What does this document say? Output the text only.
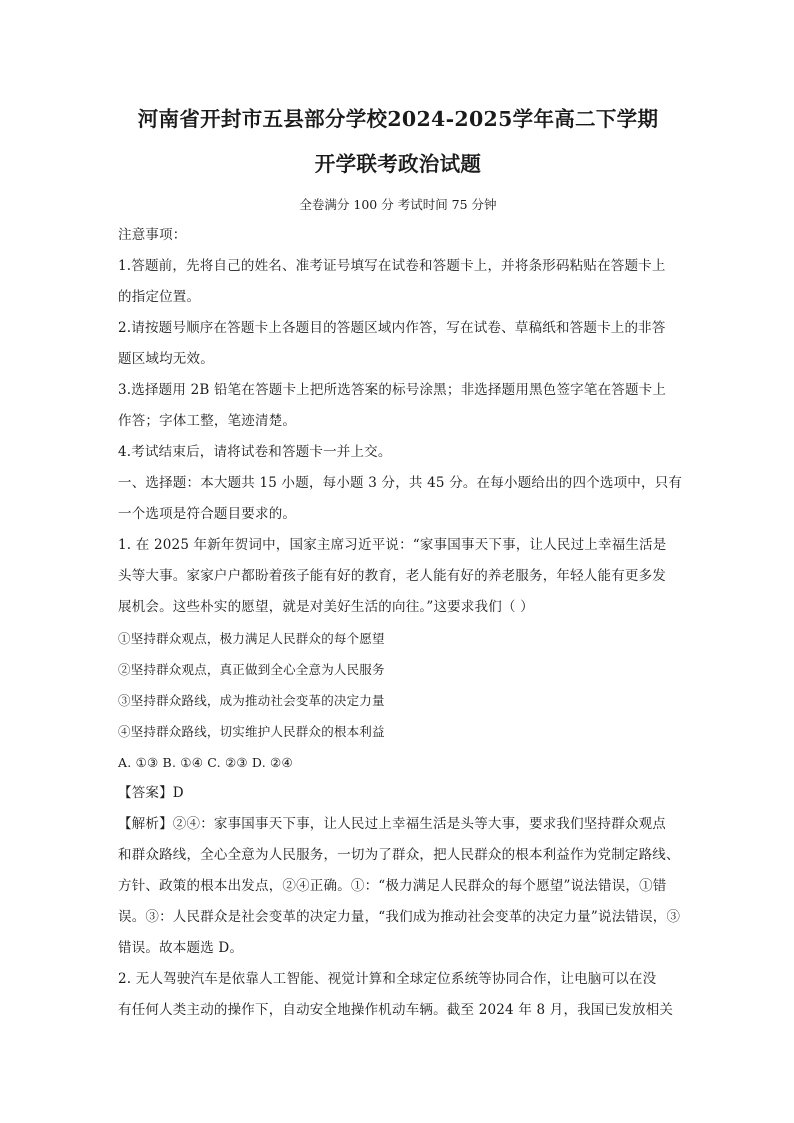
河南省开封市五县部分学校2024-2025学年高二下学期
开学联考政治试题
全卷满分 100 分 考试时间 75 分钟
注意事项：
1.答题前，先将自己的姓名、准考证号填写在试卷和答题卡上，并将条形码粘贴在答题卡上
的指定位置。
2.请按题号顺序在答题卡上各题目的答题区域内作答，写在试卷、草稿纸和答题卡上的非答
题区域均无效。
3.选择题用 2B 铅笔在答题卡上把所选答案的标号涂黑；非选择题用黑色签字笔在答题卡上
作答；字体工整，笔迹清楚。
4.考试结束后，请将试卷和答题卡一并上交。
一、选择题：本大题共 15 小题，每小题 3 分，共 45 分。在每小题给出的四个选项中，只有
一个选项是符合题目要求的。
1. 在 2025 年新年贺词中，国家主席习近平说：“家事国事天下事，让人民过上幸福生活是
头等大事。家家户户都盼着孩子能有好的教育，老人能有好的养老服务，年轻人能有更多发
展机会。这些朴实的愿望，就是对美好生活的向往。”这要求我们（ ）
①坚持群众观点，极力满足人民群众的每个愿望
②坚持群众观点，真正做到全心全意为人民服务
③坚持群众路线，成为推动社会变革的决定力量
④坚持群众路线，切实维护人民群众的根本利益
A. ①③ B. ①④ C. ②③ D. ②④
【答案】D
【解析】②④：家事国事天下事，让人民过上幸福生活是头等大事，要求我们坚持群众观点
和群众路线，全心全意为人民服务，一切为了群众，把人民群众的根本利益作为党制定路线、
方针、政策的根本出发点，②④正确。①：“极力满足人民群众的每个愿望”说法错误，①错
误。③：人民群众是社会变革的决定力量，“我们成为推动社会变革的决定力量”说法错误，③
错误。故本题选 D。
2. 无人驾驶汽车是依靠人工智能、视觉计算和全球定位系统等协同合作，让电脑可以在没
有任何人类主动的操作下，自动安全地操作机动车辆。截至 2024 年 8 月，我国已发放相关
